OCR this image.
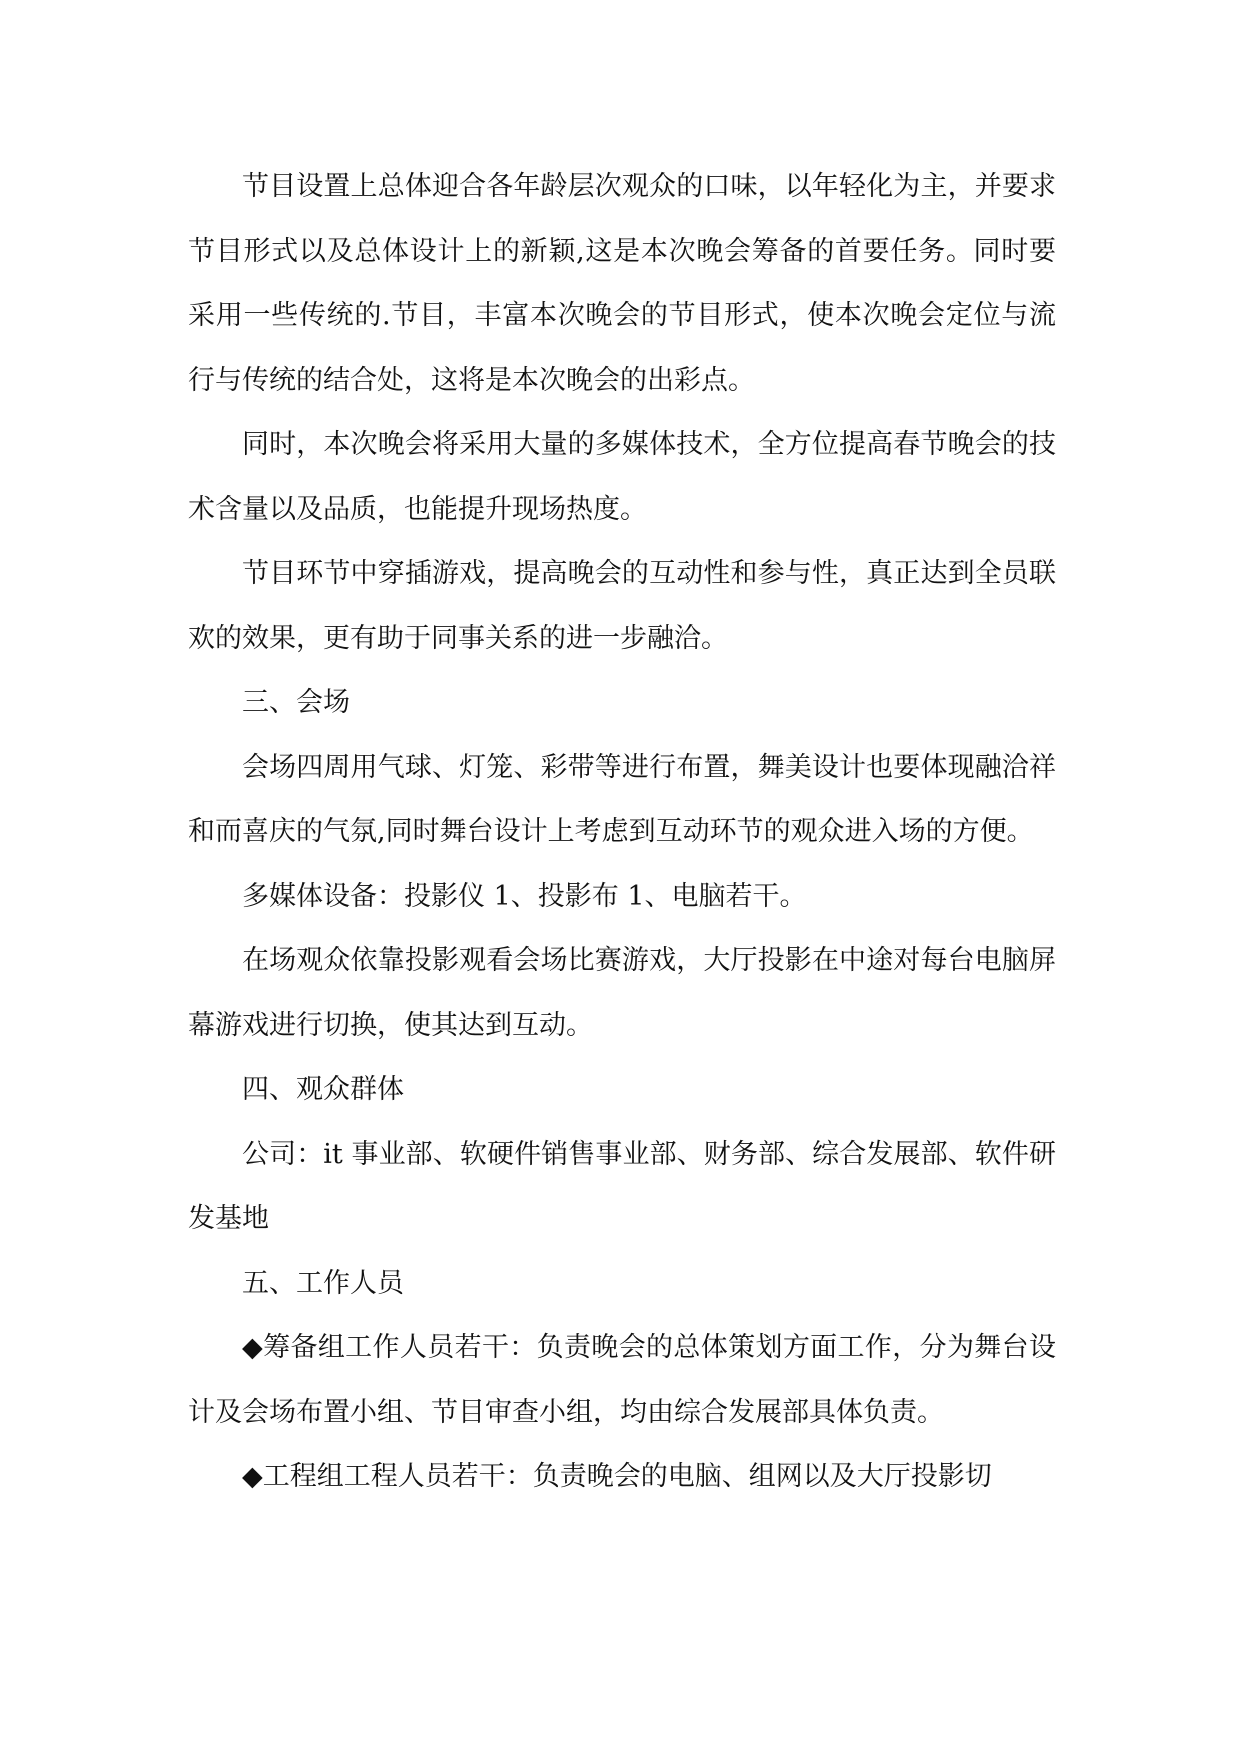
节目设置上总体迎合各年龄层次观众的口味，以年轻化为主，并要求节目形式以及总体设计上的新颖,这是本次晚会筹备的首要任务。同时要采用一些传统的.节目，丰富本次晚会的节目形式，使本次晚会定位与流行与传统的结合处，这将是本次晚会的出彩点。

同时，本次晚会将采用大量的多媒体技术，全方位提高春节晚会的技术含量以及品质，也能提升现场热度。

节目环节中穿插游戏，提高晚会的互动性和参与性，真正达到全员联欢的效果，更有助于同事关系的进一步融洽。

三、会场

会场四周用气球、灯笼、彩带等进行布置，舞美设计也要体现融洽祥和而喜庆的气氛,同时舞台设计上考虑到互动环节的观众进入场的方便。

多媒体设备：投影仪 1、投影布 1、电脑若干。

在场观众依靠投影观看会场比赛游戏，大厅投影在中途对每台电脑屏幕游戏进行切换，使其达到互动。

四、观众群体

公司：it 事业部、软硬件销售事业部、财务部、综合发展部、软件研发基地

五、工作人员

◆筹备组工作人员若干：负责晚会的总体策划方面工作，分为舞台设计及会场布置小组、节目审查小组，均由综合发展部具体负责。

◆工程组工程人员若干：负责晚会的电脑、组网以及大厅投影切
